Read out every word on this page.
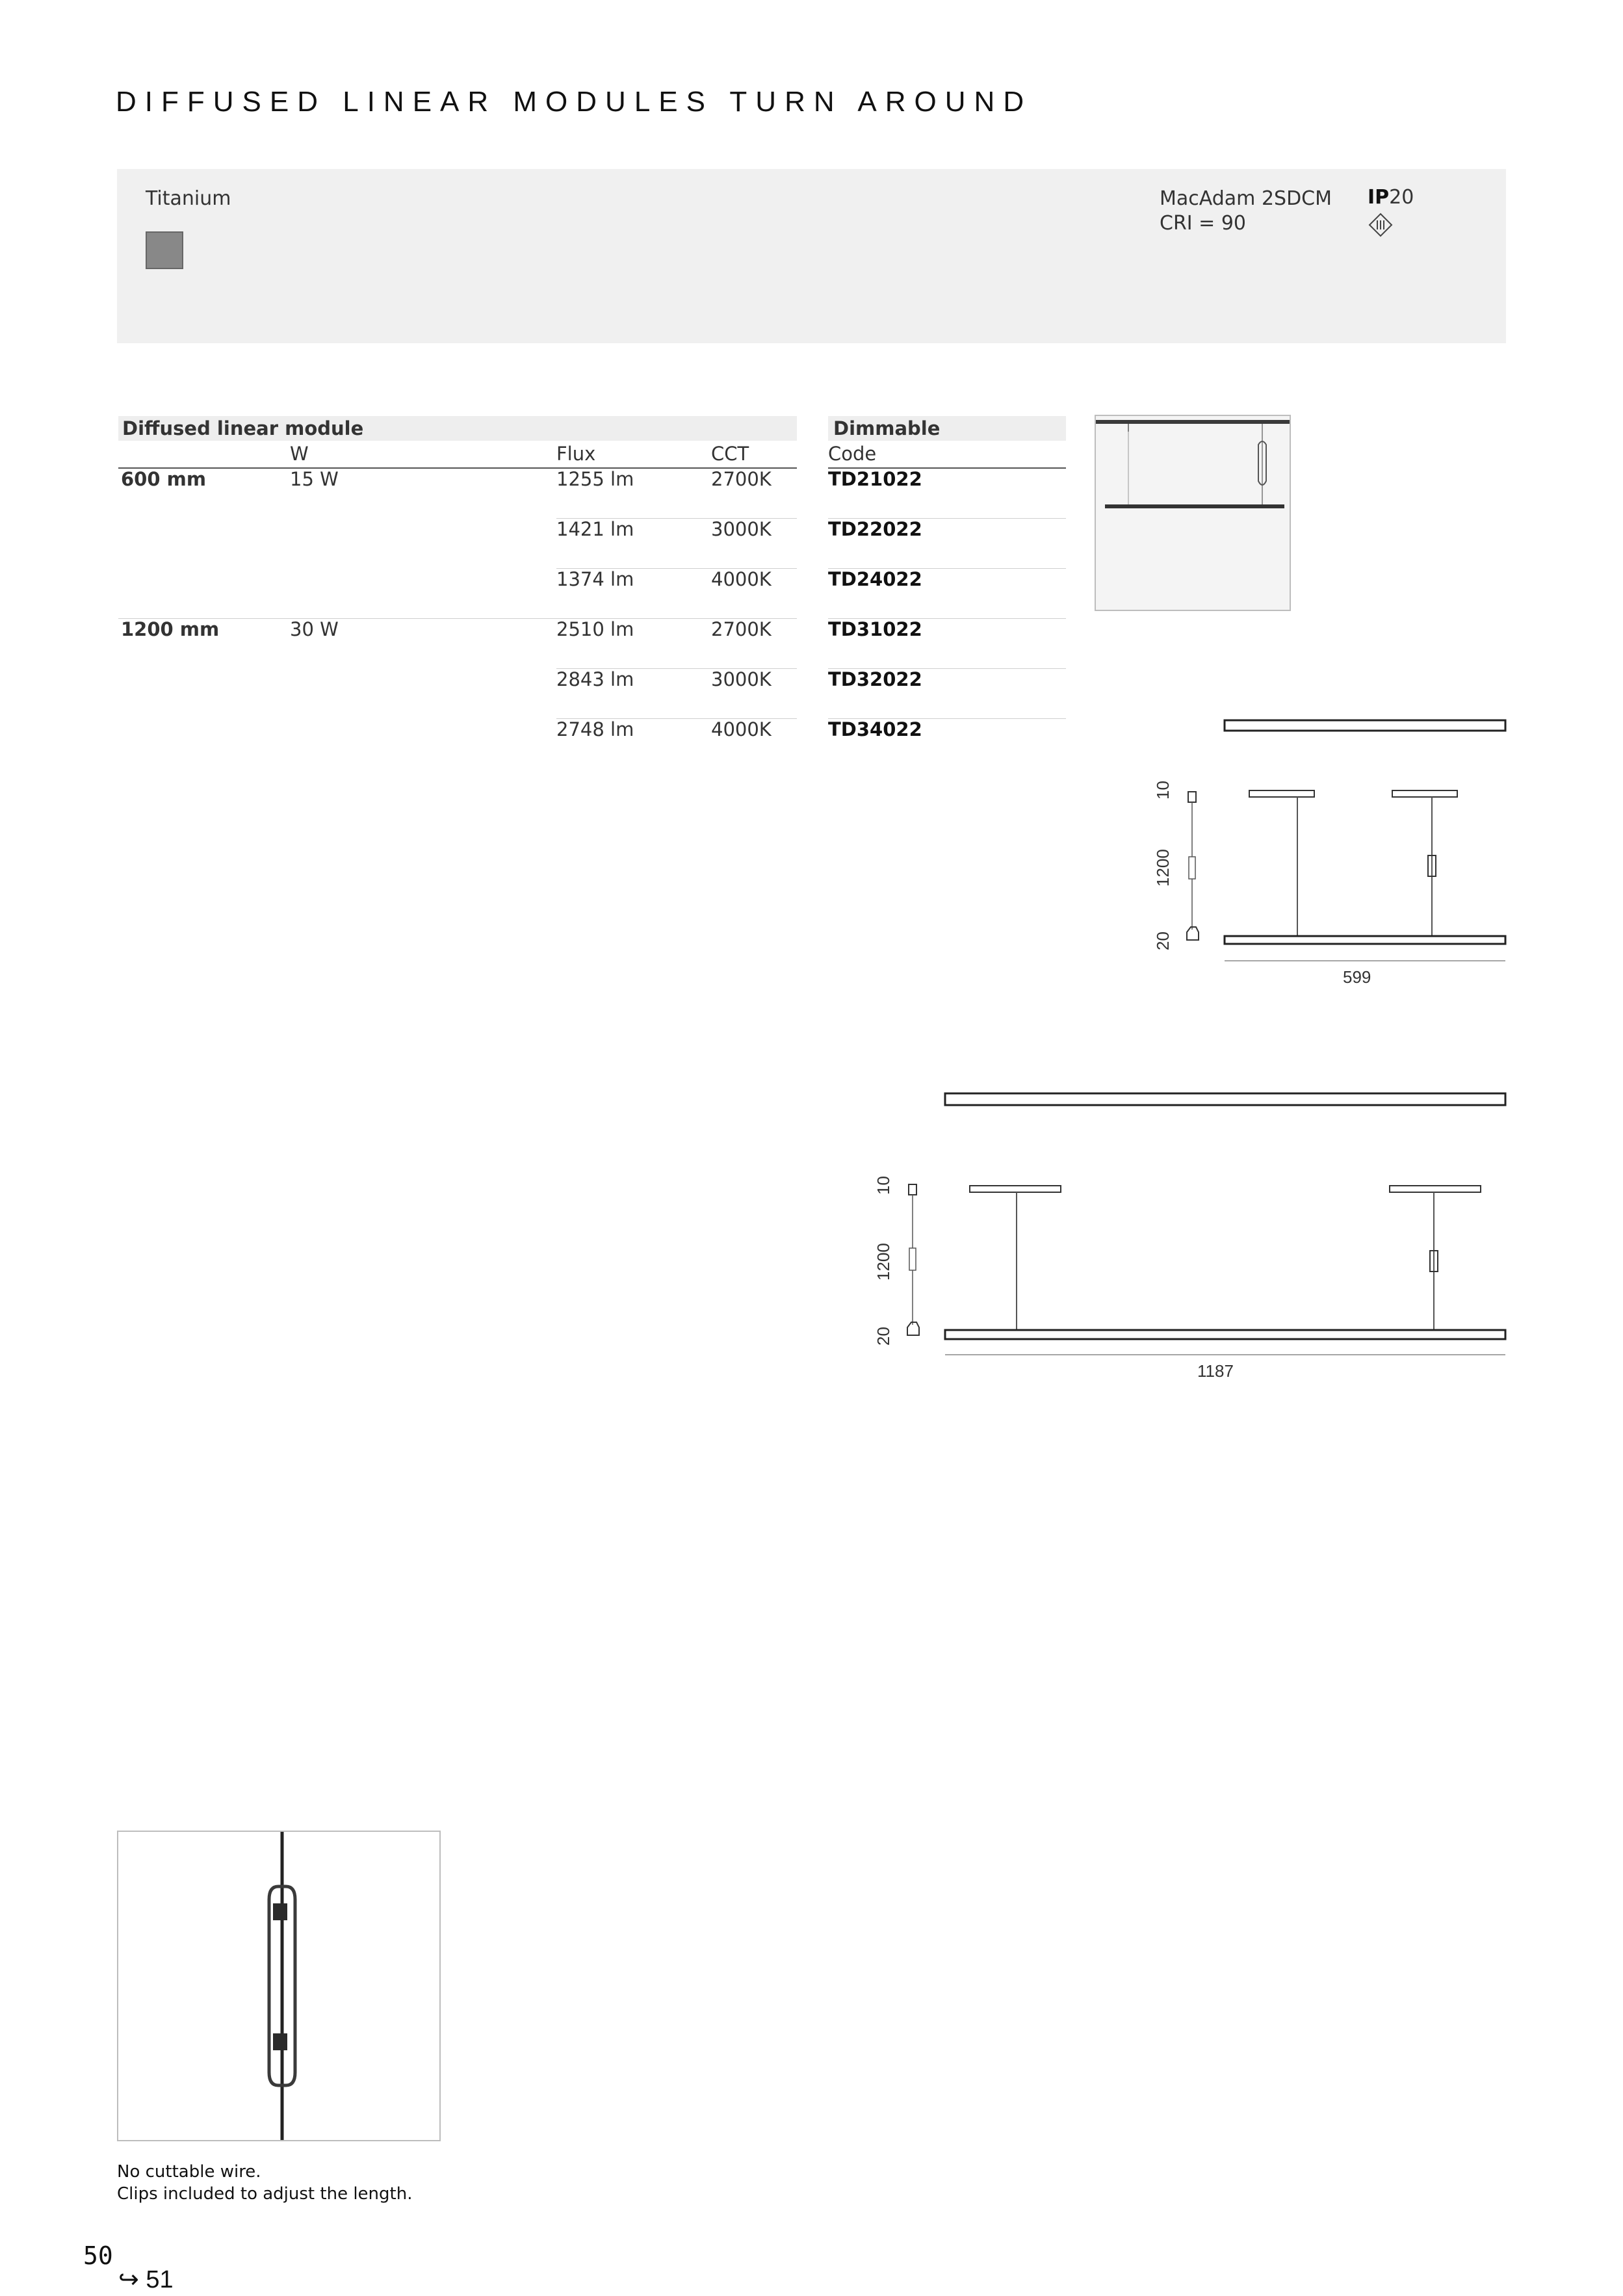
DIFFUSED LINEAR MODULES TURN AROUND
Titanium	MacAdam 2SDCM
CRI = 90
IP20
Diffused linear module	Dimmable
W	Flux	CCT	Code
600 mm	15 W	1255 lm	2700K	TD21022
1421 lm	3000K	TD22022
1374 lm	4000K	TD24022
1200 mm	30 W	2510 lm	2700K	TD31022
2843 lm	3000K	TD32022
2748 lm	4000K	TD34022
10
1200
20
599
10
1200
20
1187
No cuttable wire.
Clips included to adjust the length.
50
↪ 51
